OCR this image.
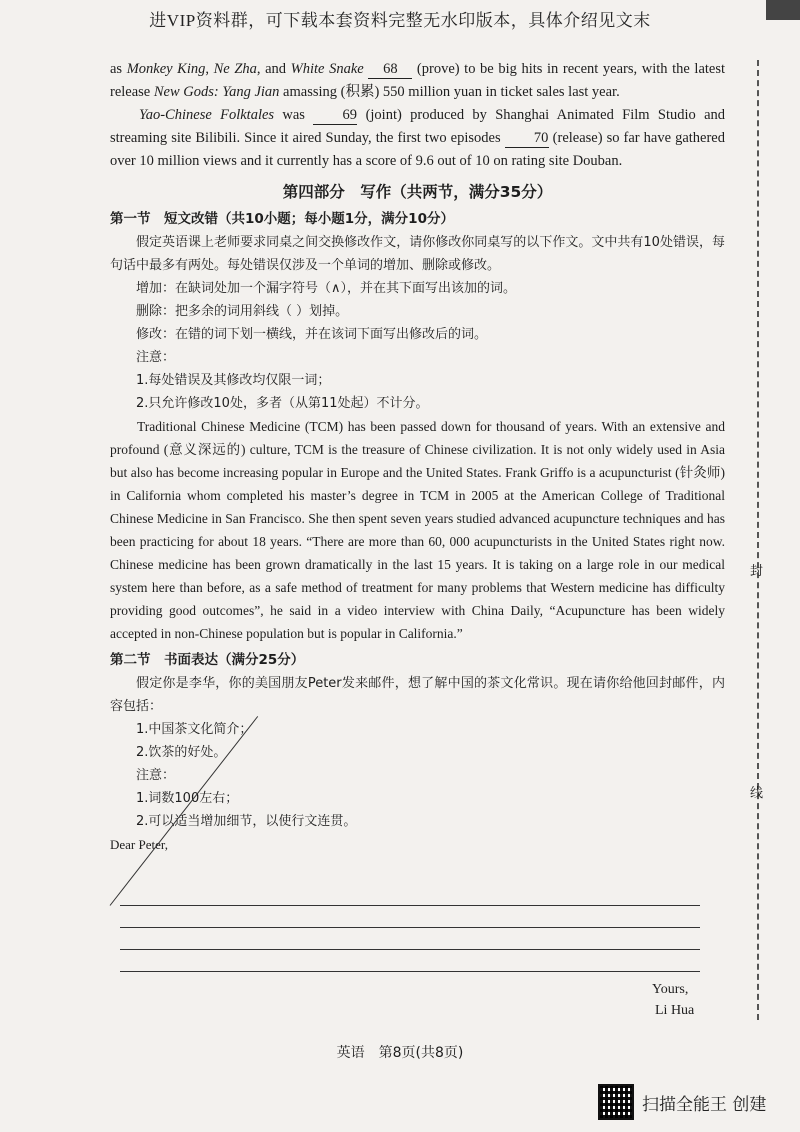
进VIP资料群，可下载本套资料完整无水印版本，具体介绍见文末
封
线

as Monkey King, Ne Zha, and White Snake 68 (prove) to be big hits in recent years, with the latest release New Gods: Yang Jian amassing (积累) 550 million yuan in ticket sales last year.

Yao-Chinese Folktales was 69 (joint) produced by Shanghai Animated Film Studio and streaming site Bilibili. Since it aired Sunday, the first two episodes 70 (release) so far have gathered over 10 million views and it currently has a score of 9.6 out of 10 on rating site Douban.

第四部分　写作（共两节，满分35分）
第一节　短文改错（共10小题；每小题1分，满分10分）

假定英语课上老师要求同桌之间交换修改作文，请你修改你同桌写的以下作文。文中共有10处错误，每句话中最多有两处。每处错误仅涉及一个单词的增加、删除或修改。

增加：在缺词处加一个漏字符号（∧），并在其下面写出该加的词。

删除：把多余的词用斜线（ ）划掉。

修改：在错的词下划一横线，并在该词下面写出修改后的词。

注意：

1.每处错误及其修改均仅限一词；

2.只允许修改10处，多者（从第11处起）不计分。

Traditional Chinese Medicine (TCM) has been passed down for thousand of years. With an extensive and profound (意义深远的) culture, TCM is the treasure of Chinese civilization. It is not only widely used in Asia but also has become increasing popular in Europe and the United States. Frank Griffo is a acupuncturist (针灸师) in California whom completed his master’s degree in TCM in 2005 at the American College of Traditional Chinese Medicine in San Francisco. She then spent seven years studied advanced acupuncture techniques and has been practicing for about 18 years. “There are more than 60, 000 acupuncturists in the United States right now. Chinese medicine has been grown dramatically in the last 15 years. It is taking on a large role in our medical system here than before, as a safe method of treatment for many problems that Western medicine has difficulty providing good outcomes”, he said in a video interview with China Daily, “Acupuncture has been widely accepted in non-Chinese population but is popular in California.”

第二节　书面表达（满分25分）

假定你是李华，你的美国朋友Peter发来邮件，想了解中国的茶文化常识。现在请你给他回封邮件，内容包括：

1.中国茶文化简介；

2.饮茶的好处。

注意：

1.词数100左右；

2.可以适当增加细节，以使行文连贯。

Dear Peter,

Yours,
Li Hua
英语　第8页(共8页)
扫描全能王 创建
